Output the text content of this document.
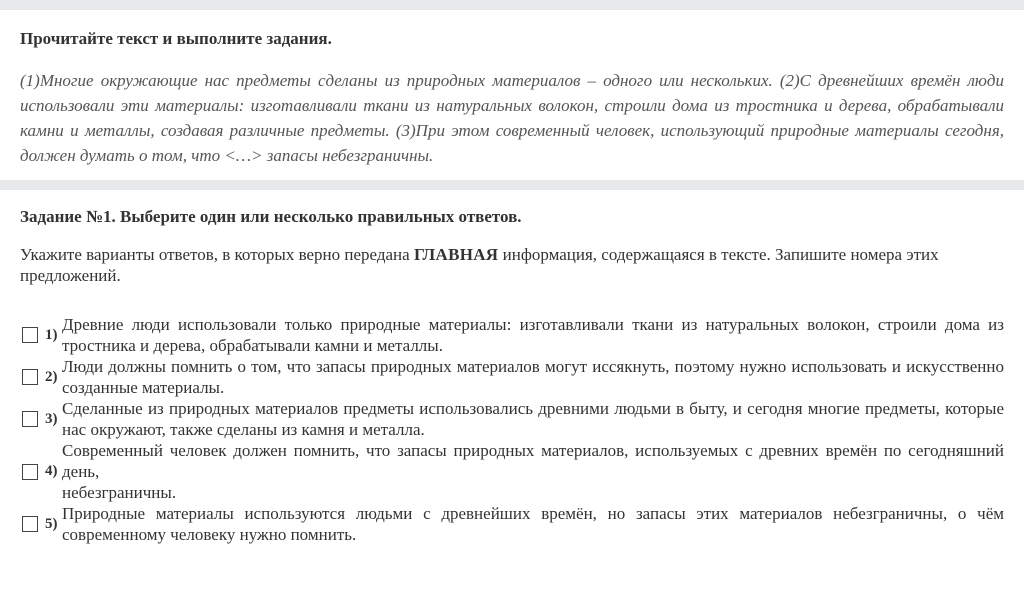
Прочитайте текст и выполните задания.

(1)Многие окружающие нас предметы сделаны из природных материалов – одного или нескольких. (2)С древнейших времён люди использовали эти материалы: изготавливали ткани из натуральных волокон, строили дома из тростника и дерева, обрабатывали камни и металлы, создавая различные предметы. (3)При этом современный человек, использующий природные материалы сегодня, должен думать о том, что <…> запасы небезграничны.

Задание №1. Выберите один или несколько правильных ответов.

Укажите варианты ответов, в которых верно передана ГЛАВНАЯ информация, содержащаяся в тексте. Запишите номера этих предложений.
1)
Древние люди использовали только природные материалы: изготавливали ткани из натуральных волокон, строили дома из тростника и дерева, обрабатывали камни и металлы.
2)
Люди должны помнить о том, что запасы природных материалов могут иссякнуть, поэтому нужно использовать и искусственно созданные материалы.
3)
Сделанные из природных материалов предметы использовались древними людьми в быту, и сегодня многие предметы, которые нас окружают, также сделаны из камня и металла.
4)
Современный человек должен помнить, что запасы природных материалов, используемых с древних времён по сегодняшний день,
небезграничны.
5)
Природные материалы используются людьми с древнейших времён, но запасы этих материалов небезграничны, о чём современному человеку нужно помнить.
